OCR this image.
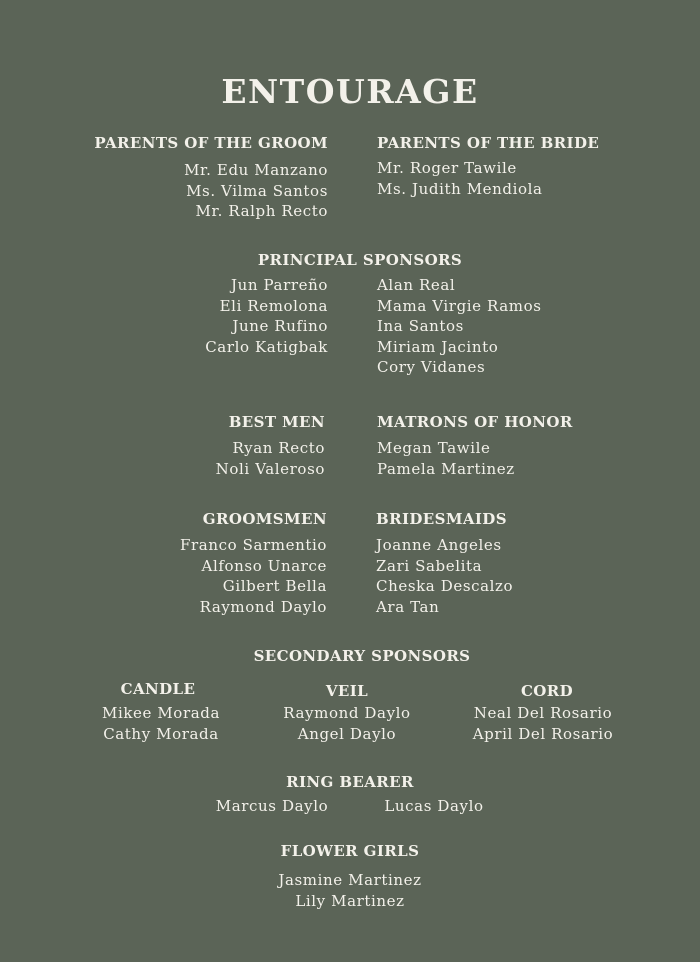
ENTOURAGE
PARENTS OF THE GROOM
Mr. Edu Manzano
Ms. Vilma Santos
Mr. Ralph Recto
PARENTS OF THE BRIDE
Mr. Roger Tawile
Ms. Judith Mendiola
PRINCIPAL SPONSORS
Jun Parreño
Eli Remolona
June Rufino
Carlo Katigbak
Alan Real
Mama Virgie Ramos
Ina Santos
Miriam Jacinto
Cory Vidanes
BEST MEN
Ryan Recto
Noli Valeroso
MATRONS OF HONOR
Megan Tawile
Pamela Martinez
GROOMSMEN
Franco Sarmentio
Alfonso Unarce
Gilbert Bella
Raymond Daylo
BRIDESMAIDS
Joanne Angeles
Zari Sabelita
Cheska Descalzo
Ara Tan
SECONDARY SPONSORS
CANDLE
Mikee Morada
Cathy Morada
VEIL
Raymond Daylo
Angel Daylo
CORD
Neal Del Rosario
April Del Rosario
RING BEARER
Marcus Daylo	Lucas Daylo
FLOWER GIRLS
Jasmine Martinez
Lily Martinez
